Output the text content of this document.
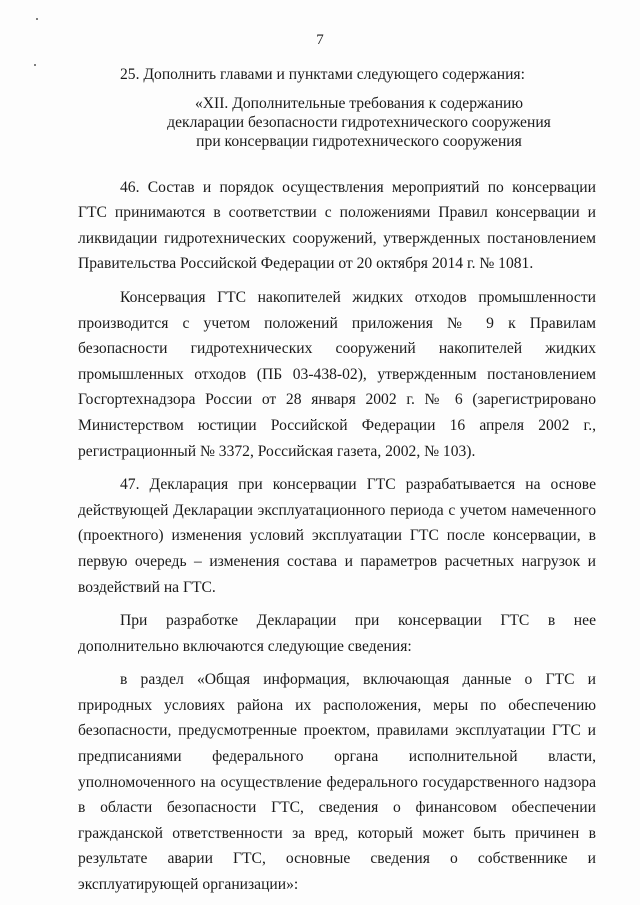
7

25. Дополнить главами и пунктами следующего содержания:

«XII. Дополнительные требования к содержанию
декларации безопасности гидротехнического сооружения
при консервации гидротехнического сооружения

46. Состав и порядок осуществления мероприятий по консервации ГТС принимаются в соответствии с положениями Правил консервации и ликвидации гидротехнических сооружений, утвержденных постановлением Правительства Российской Федерации от 20 октября 2014 г. № 1081.

Консервация ГТС накопителей жидких отходов промышленности производится с учетом положений приложения № 9 к Правилам безопасности гидротехнических сооружений накопителей жидких промышленных отходов (ПБ 03-438-02), утвержденным постановлением Госгортехнадзора России от 28 января 2002 г. № 6 (зарегистрировано Министерством юстиции Российской Федерации 16 апреля 2002 г., регистрационный № 3372, Российская газета, 2002, № 103).

47. Декларация при консервации ГТС разрабатывается на основе действующей Декларации эксплуатационного периода с учетом намеченного (проектного) изменения условий эксплуатации ГТС после консервации, в первую очередь – изменения состава и параметров расчетных нагрузок и воздействий на ГТС.

При разработке Декларации при консервации ГТС в нее дополнительно включаются следующие сведения:

в раздел «Общая информация, включающая данные о ГТС и природных условиях района их расположения, меры по обеспечению безопасности, предусмотренные проектом, правилами эксплуатации ГТС и предписаниями федерального органа исполнительной власти, уполномоченного на осуществление федерального государственного надзора в области безопасности ГТС, сведения о финансовом обеспечении гражданской ответственности за вред, который может быть причинен в результате аварии ГТС, основные сведения о собственнике и эксплуатирующей организации»:
